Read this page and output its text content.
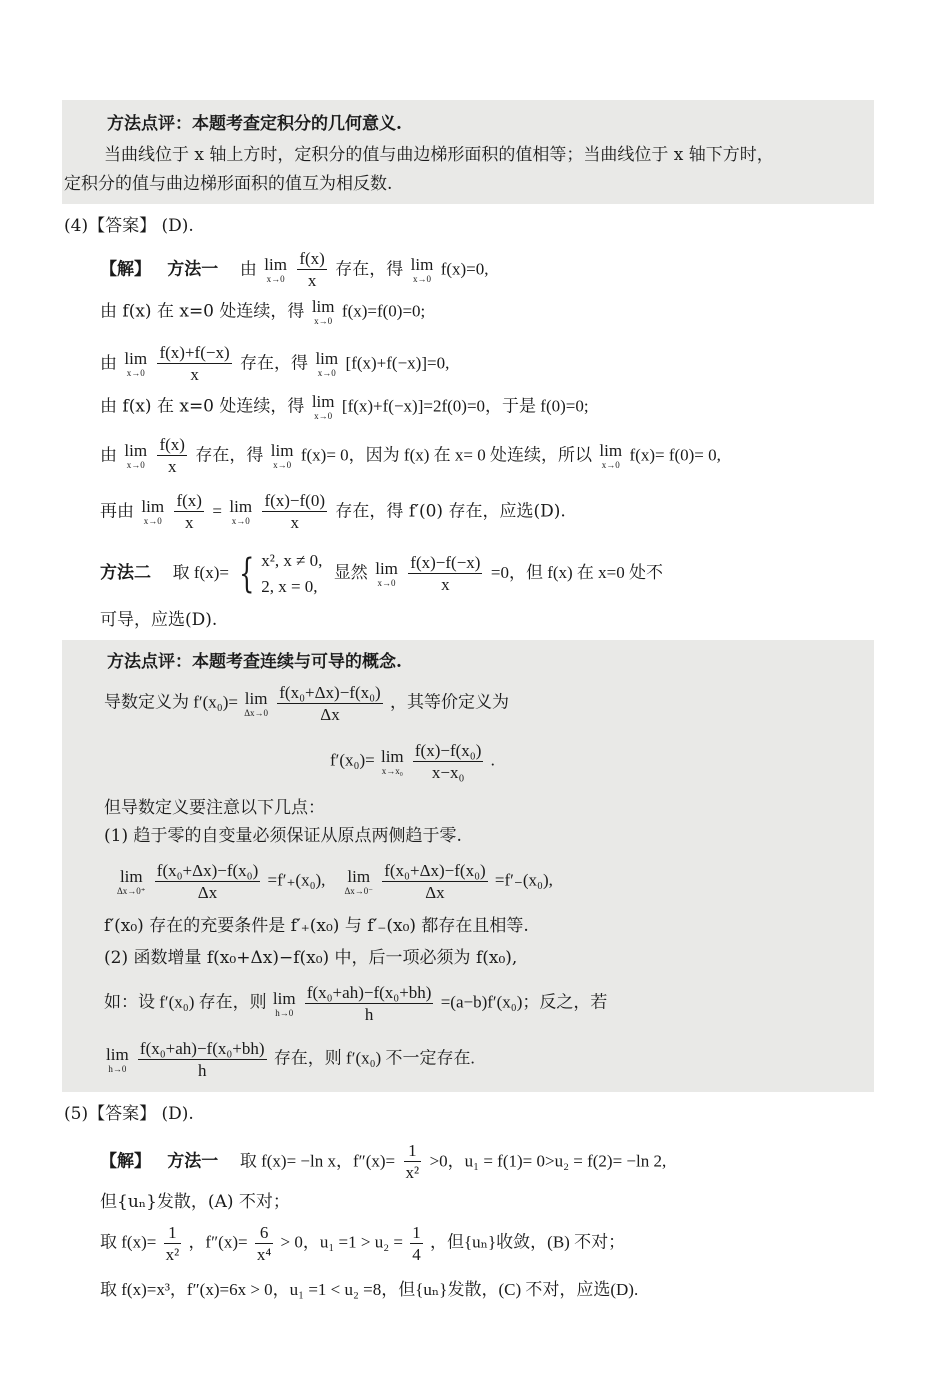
方法点评：本题考查定积分的几何意义.
当曲线位于 x 轴上方时，定积分的值与曲边梯形面积的值相等；当曲线位于 x 轴下方时，
定积分的值与曲边梯形面积的值互为相反数.
(4)【答案】 (D).
【解】 方法一 由 lim
x→0
$\frac{f(x)}{x}$ 存在，得 lim
x→0
f(x)=0,
由 f(x) 在 x=0 处连续，得 lim
x→0
f(x)=f(0)=0;
由 lim
x→0
$\frac{f(x)+f(-x)}{x}$ 存在，得 lim
x→0
[f(x)+f(−x)]=0,
由 f(x) 在 x=0 处连续，得 lim
x→0
[f(x)+f(−x)]=2f(0)=0，于是 f(0)=0;
由 lim
x→0
$\frac{f(x)}{x}$ 存在，得 lim
x→0
f(x)= 0，因为 f(x) 在 x= 0 处连续，所以 lim
x→0
f(x)= f(0)= 0,
再由 lim
x→0
$\frac{f(x)}{x} = \lim$
x→0
$\frac{f(x)-f(0)}{x}$ 存在，得 f′(0) 存在，应选(D).
方法二 取 f(x)= { x², x ≠ 0,
2, x = 0,
显然 lim
x→0
$\frac{f(x)-f(-x)}{x} =0$，但 f(x) 在 x=0 处不
可导，应选(D).
方法点评：本题考查连续与可导的概念.
导数定义为 f′(x₀)= lim
Δx→0
$\frac{\text{f(x₀+Δx)−f(x₀)}}{\Delta x}$ ，其等价定义为
f′(x₀)= lim
x→x₀
$\frac{\text{f(x)−f(x₀)}}{\text{x−x₀}}$ .
但导数定义要注意以下几点：
(1) 趋于零的自变量必须保证从原点两侧趋于零.
lim
Δx→0⁺
$\frac{\text{f(x₀+Δx)−f(x₀)}}{\Delta x} =f'_+(x_0)$, lim
Δx→0⁻
$\frac{\text{f(x₀+Δx)−f(x₀)}}{\Delta x} =f'_-(x_0)$,
f′(x₀) 存在的充要条件是 f′₊(x₀) 与 f′₋(x₀) 都存在且相等.
(2) 函数增量 f(x₀+Δx)−f(x₀) 中，后一项必须为 f(x₀),
如：设 f′(x₀) 存在，则 lim
h→0
$\frac{\text{f(x₀+ah)−f(x₀+bh)}}{h} =(a-b)f'(x_0)$；反之，若
lim
h→0
$\frac{\text{f(x₀+ah)−f(x₀+bh)}}{h}$ 存在，则 f′(x₀) 不一定存在.
(5)【答案】 (D).
【解】 方法一 取 f(x)= −ln x，$f''(x)= \frac{1}{\text{x²}} >0$，u₁ = f(1)= 0>u₂ = f(2)= −ln 2,
但{uₙ}发散，(A) 不对；
取 $f(x)= \frac{1}{\text{x²}}$ ，$f''(x)= \frac{6}{\text{x⁴}} > 0$，$u_1 =1 > u_2 = \frac{1}{4}$ ，但{uₙ}收敛，(B) 不对；
取 f(x)=x³，f″(x)=6x > 0，u₁ =1 < u₂ =8，但{uₙ}发散，(C) 不对，应选(D).
